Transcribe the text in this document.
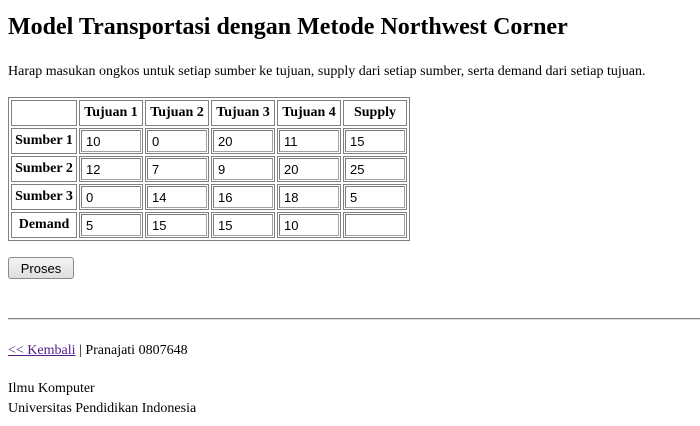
Model Transportasi dengan Metode Northwest Corner

Harap masukan ongkos untuk setiap sumber ke tujuan, supply dari setiap sumber, serta demand dari setiap tujuan.

	Tujuan 1	Tujuan 2	Tujuan 3	Tujuan 4	Supply
Sumber 1	10	0	20	11	15
Sumber 2	12	7	9	20	25
Sumber 3	0	14	16	18	5
Demand	5	15	15	10	
Proses
<< Kembali | Pranajati 0807648
Ilmu Komputer
Universitas Pendidikan Indonesia
